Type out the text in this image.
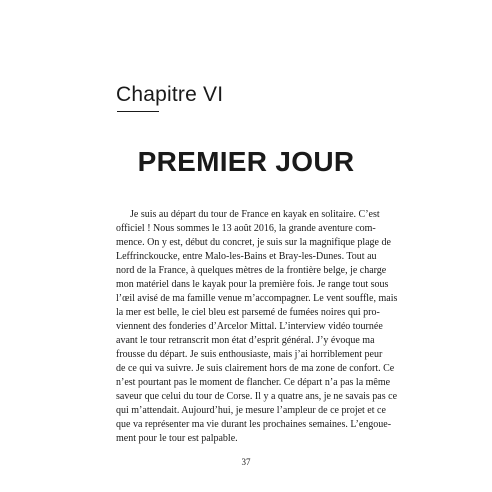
Chapitre VI
PREMIER JOUR
Je suis au départ du tour de France en kayak en solitaire. C’est
officiel ! Nous sommes le 13 août 2016, la grande aventure com-
mence. On y est, début du concret, je suis sur la magnifique plage de
Leffrinckoucke, entre Malo-les-Bains et Bray-les-Dunes. Tout au
nord de la France, à quelques mètres de la frontière belge, je charge
mon matériel dans le kayak pour la première fois. Je range tout sous
l’œil avisé de ma famille venue m’accompagner. Le vent souffle, mais
la mer est belle, le ciel bleu est parsemé de fumées noires qui pro-
viennent des fonderies d’Arcelor Mittal. L’interview vidéo tournée
avant le tour retranscrit mon état d’esprit général. J’y évoque ma
frousse du départ. Je suis enthousiaste, mais j’ai horriblement peur
de ce qui va suivre. Je suis clairement hors de ma zone de confort. Ce
n’est pourtant pas le moment de flancher. Ce départ n’a pas la même
saveur que celui du tour de Corse. Il y a quatre ans, je ne savais pas ce
qui m’attendait. Aujourd’hui, je mesure l’ampleur de ce projet et ce
que va représenter ma vie durant les prochaines semaines. L’engoue-
ment pour le tour est palpable.
37
